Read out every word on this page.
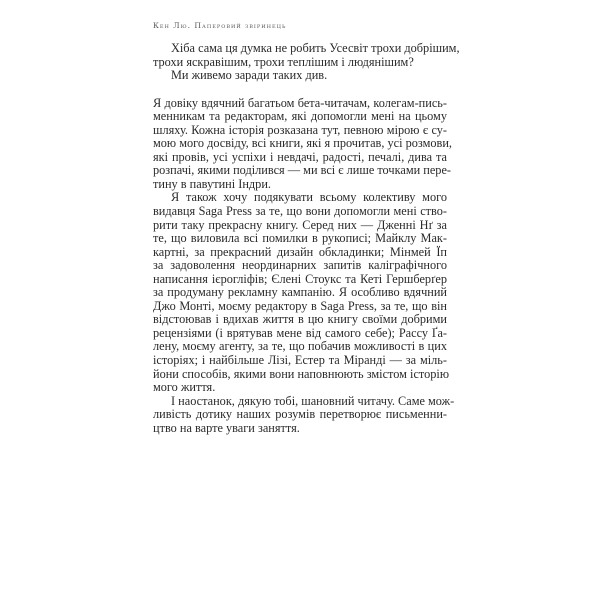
Кен Лю. Паперовий звіринець

Хіба сама ця думка не робить Усесвіт трохи добрішим,
трохи яскравішим, трохи теплішим і людянішим?

Ми живемо заради таких див.

Я довіку вдячний багатьом бета-читачам, колегам-пись-
менникам та редакторам, які допомогли мені на цьому
шляху. Кожна історія розказана тут, певною мірою є су-
мою мого досвіду, всі книги, які я прочитав, усі розмови,
які провів, усі успіхи і невдачі, радості, печалі, дива та
розпачі, якими поділився — ми всі є лише точками пере-
тину в павутині Індри.

Я також хочу подякувати всьому колективу мого
видавця Saga Press за те, що вони допомогли мені ство-
рити таку прекрасну книгу. Серед них — Дженні Нґ за
те, що виловила всі помилки в рукописі; Майклу Мак-
картні, за прекрасний дизайн обкладинки; Мінмей Їп
за задоволення неординарних запитів каліграфічного
написання ієрогліфів; Єлені Стоукс та Кеті Гершберґер
за продуману рекламну кампанію. Я особливо вдячний
Джо Монті, моєму редактору в Saga Press, за те, що він
відстоював і вдихав життя в цю книгу своїми добрими
рецензіями (і врятував мене від самого себе); Рассу Ґа-
лену, моєму агенту, за те, що побачив можливості в цих
історіях; і найбільше Лізі, Естер та Міранді — за міль-
йони способів, якими вони наповнюють змістом історію
мого життя.

І наостанок, дякую тобі, шановний читачу. Саме мож-
ливість дотику наших розумів перетворює письменни-
цтво на варте уваги заняття.
